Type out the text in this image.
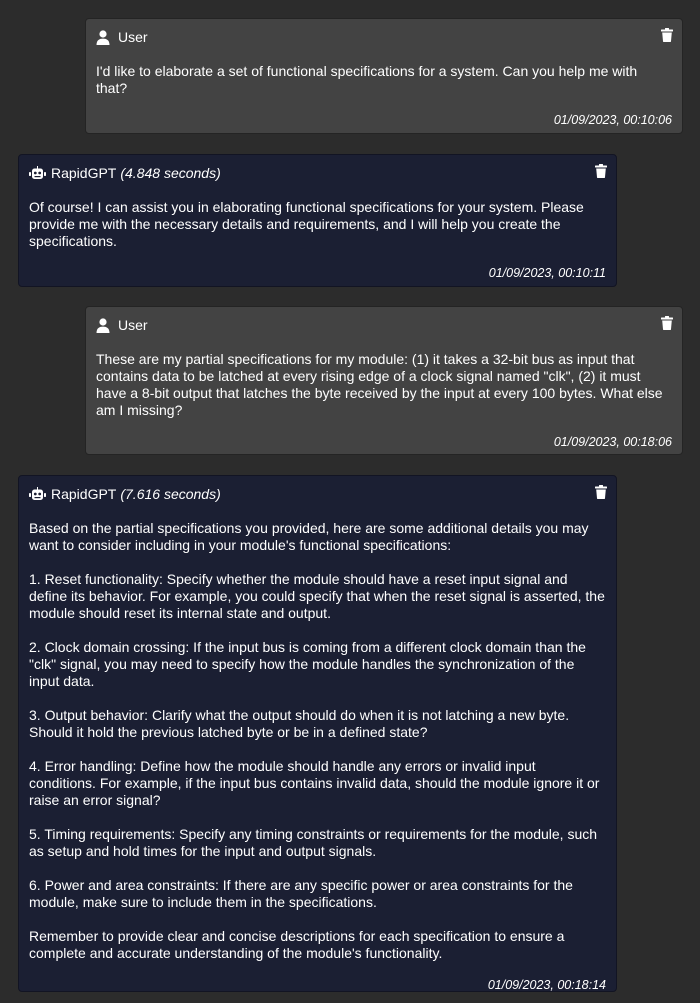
User

I'd like to elaborate a set of functional specifications for a system. Can you help me with that?

01/09/2023, 00:10:06
RapidGPT (4.848 seconds)

Of course! I can assist you in elaborating functional specifications for your system. Please provide me with the necessary details and requirements, and I will help you create the specifications.

01/09/2023, 00:10:11
User

These are my partial specifications for my module: (1) it takes a 32-bit bus as input that contains data to be latched at every rising edge of a clock signal named "clk", (2) it must have a 8-bit output that latches the byte received by the input at every 100 bytes. What else am I missing?

01/09/2023, 00:18:06
RapidGPT (7.616 seconds)

Based on the partial specifications you provided, here are some additional details you may want to consider including in your module's functional specifications:

1. Reset functionality: Specify whether the module should have a reset input signal and define its behavior. For example, you could specify that when the reset signal is asserted, the module should reset its internal state and output.

2. Clock domain crossing: If the input bus is coming from a different clock domain than the "clk" signal, you may need to specify how the module handles the synchronization of the input data.

3. Output behavior: Clarify what the output should do when it is not latching a new byte. Should it hold the previous latched byte or be in a defined state?

4. Error handling: Define how the module should handle any errors or invalid input conditions. For example, if the input bus contains invalid data, should the module ignore it or raise an error signal?

5. Timing requirements: Specify any timing constraints or requirements for the module, such as setup and hold times for the input and output signals.

6. Power and area constraints: If there are any specific power or area constraints for the module, make sure to include them in the specifications.

Remember to provide clear and concise descriptions for each specification to ensure a complete and accurate understanding of the module's functionality.

01/09/2023, 00:18:14
